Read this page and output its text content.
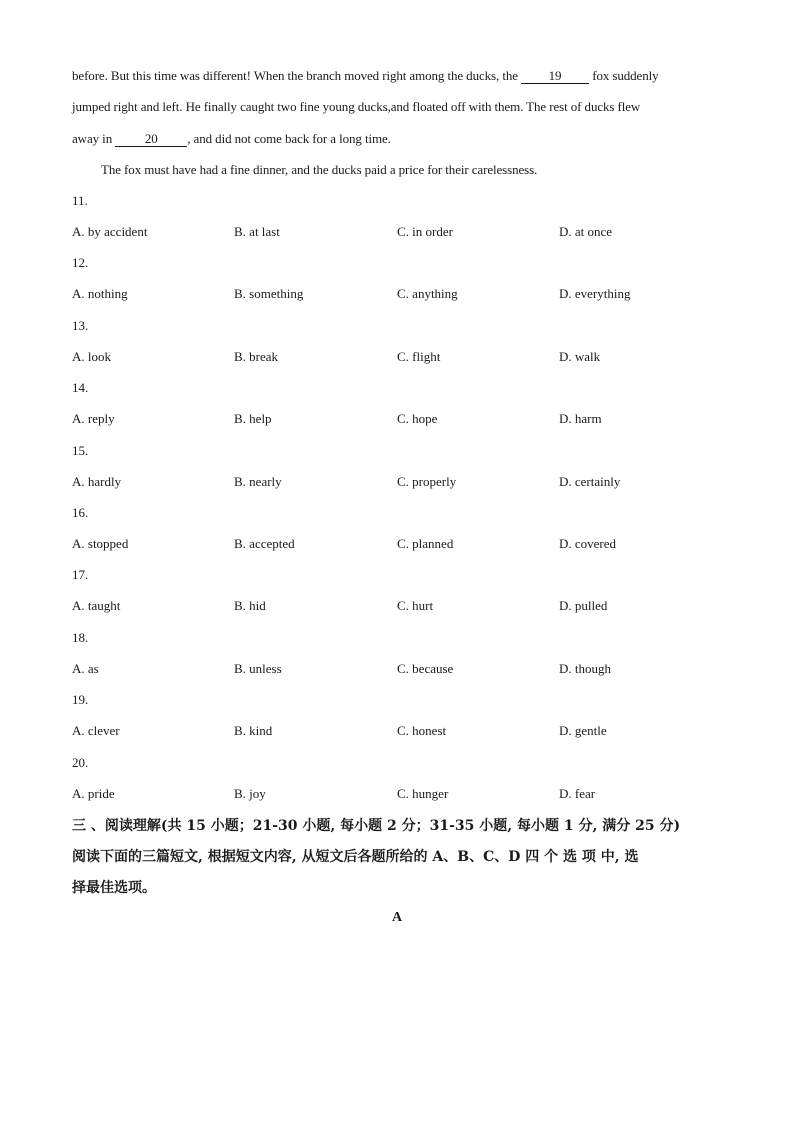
before. But this time was different! When the branch moved right among the ducks, the 19 fox suddenly
jumped right and left. He finally caught two fine young ducks,and floated off with them. The rest of ducks flew
away in 20 , and did not come back for a long time.
The fox must have had a fine dinner, and the ducks paid a price for their carelessness.
11.
A. by accident	B. at last	C. in order	D. at once
12.
A. nothing	B. something	C. anything	D. everything
13.
A. look	B. break	C. flight	D. walk
14.
A. reply	B. help	C. hope	D. harm
15.
A. hardly	B. nearly	C. properly	D. certainly
16.
A. stopped	B. accepted	C. planned	D. covered
17.
A. taught	B. hid	C. hurt	D. pulled
18.
A. as	B. unless	C. because	D. though
19.
A. clever	B. kind	C. honest	D. gentle
20.
A. pride	B. joy	C. hunger	D. fear
三 、阅读理解(共 15 小题；21-30 小题, 每小题 2 分；31-35 小题, 每小题 1 分, 满分 25 分)
阅读下面的三篇短文, 根据短文内容, 从短文后各题所给的 A、B、C、D 四 个 选 项 中, 选
择最佳选项。
A
